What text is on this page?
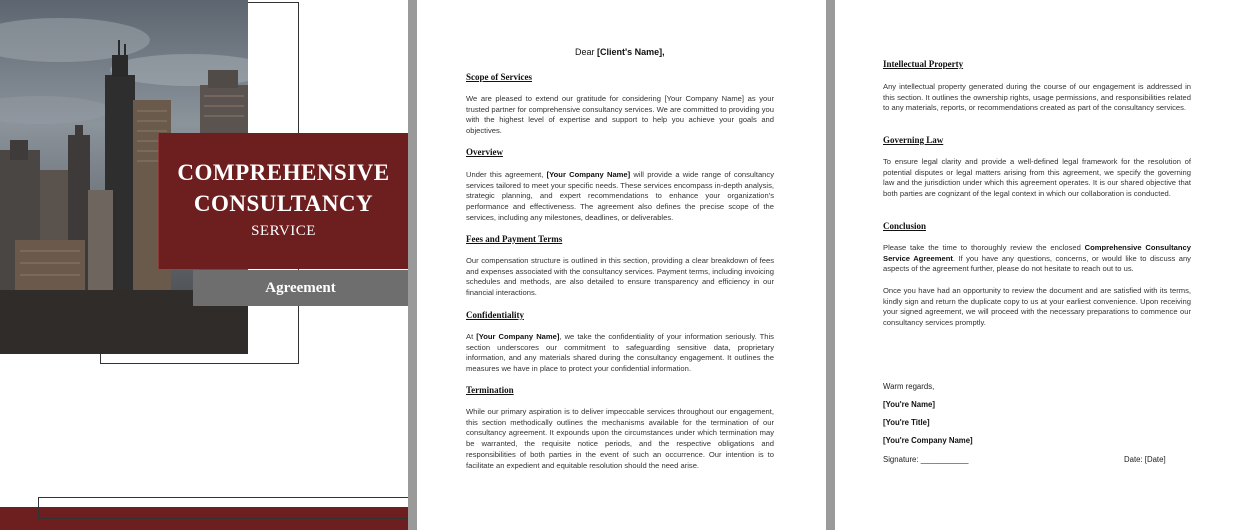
COMPREHENSIVE
CONSULTANCY
SERVICE
Agreement
Dear [Client's Name],
Scope of Services
We are pleased to extend our gratitude for considering [Your Company Name] as your trusted partner for comprehensive consultancy services. We are committed to providing you with the highest level of expertise and support to help you achieve your goals and objectives.
Overview
Under this agreement, [Your Company Name] will provide a wide range of consultancy services tailored to meet your specific needs. These services encompass in-depth analysis, strategic planning, and expert recommendations to enhance your organization's performance and effectiveness. The agreement also defines the precise scope of the services, including any milestones, deadlines, or deliverables.
Fees and Payment Terms
Our compensation structure is outlined in this section, providing a clear breakdown of fees and expenses associated with the consultancy services. Payment terms, including invoicing schedules and methods, are also detailed to ensure transparency and efficiency in our financial interactions.
Confidentiality
At [Your Company Name], we take the confidentiality of your information seriously. This section underscores our commitment to safeguarding sensitive data, proprietary information, and any materials shared during the consultancy engagement. It outlines the measures we have in place to protect your confidential information.
Termination
While our primary aspiration is to deliver impeccable services throughout our engagement, this section methodically outlines the mechanisms available for the termination of our consultancy agreement. It expounds upon the circumstances under which termination may be warranted, the requisite notice periods, and the respective obligations and responsibilities of both parties in the event of such an occurrence. Our intention is to facilitate an expedient and equitable resolution should the need arise.
Intellectual Property
Any intellectual property generated during the course of our engagement is addressed in this section. It outlines the ownership rights, usage permissions, and responsibilities related to any materials, reports, or recommendations created as part of the consultancy services.
Governing Law
To ensure legal clarity and provide a well-defined legal framework for the resolution of potential disputes or legal matters arising from this agreement, we specify the governing law and the jurisdiction under which this agreement operates. It is our shared objective that both parties are cognizant of the legal context in which our collaboration is conducted.
Conclusion
Please take the time to thoroughly review the enclosed Comprehensive Consultancy Service Agreement. If you have any questions, concerns, or would like to discuss any aspects of the agreement further, please do not hesitate to reach out to us.
Once you have had an opportunity to review the document and are satisfied with its terms, kindly sign and return the duplicate copy to us at your earliest convenience. Upon receiving your signed agreement, we will proceed with the necessary preparations to commence our consultancy services promptly.
Warm regards,
[You're Name]
[You're Title]
[You're Company Name]
Signature: ___________	Date: [Date]
